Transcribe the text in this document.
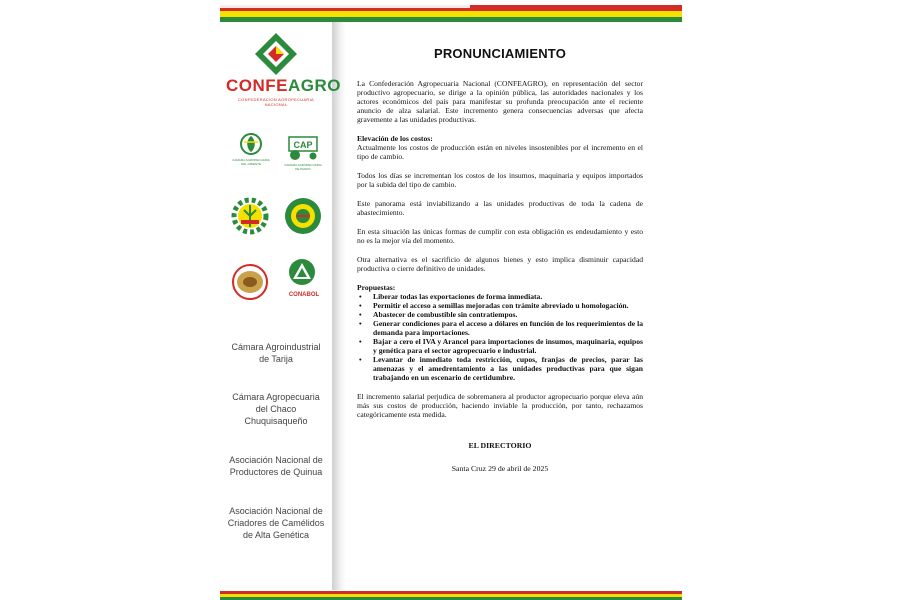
CONFEAGRO
CONFEDERACION AGROPECUARIA NACIONAL
CAMARA AGROPECUARIA DEL ORIENTE
CAP
CAMARA AGROPECUARIA DE PANDO
CONABOL
Cámara Agroindustrial de Tarija
Cámara Agropecuaria del Chaco Chuquisaqueño
Asociación Nacional de Productores de Quinua
Asociación Nacional de Criadores de Camélidos de Alta Genética
PRONUNCIAMIENTO

La Confederación Agropecuaria Nacional (CONFEAGRO), en representación del sector productivo agropecuario, se dirige a la opinión pública, las autoridades nacionales y los actores económicos del país para manifestar su profunda preocupación ante el reciente anuncio de alza salarial. Este incremento genera consecuencias adversas que afecta gravemente a las unidades productivas.

Elevación de los costos:

Actualmente los costos de producción están en niveles insostenibles por el incremento en el tipo de cambio.

Todos los días se incrementan los costos de los insumos, maquinaria y equipos importados por la subida del tipo de cambio.

Este panorama está inviabilizando a las unidades productivas de toda la cadena de abastecimiento.

En esta situación las únicas formas de cumplir con esta obligación es endeudamiento y esto no es la mejor vía del momento.

Otra alternativa es el sacrificio de algunos bienes y esto implica disminuir capacidad productiva o cierre definitivo de unidades.

Propuestas:

• Liberar todas las exportaciones de forma inmediata.
• Permitir el acceso a semillas mejoradas con trámite abreviado u homologación.
• Abastecer de combustible sin contratiempos.
• Generar condiciones para el acceso a dólares en función de los requerimientos de la demanda para importaciones.
• Bajar a cero el IVA y Arancel para importaciones de insumos, maquinaria, equipos y genética para el sector agropecuario e industrial.
• Levantar de inmediato toda restricción, cupos, franjas de precios, parar las amenazas y el amedrentamiento a las unidades productivas para que sigan trabajando en un escenario de certidumbre.

El incremento salarial perjudica de sobremanera al productor agropecuario porque eleva aún más sus costos de producción, haciendo inviable la producción, por tanto, rechazamos categóricamente esta medida.

EL DIRECTORIO
Santa Cruz 29 de abril de 2025
